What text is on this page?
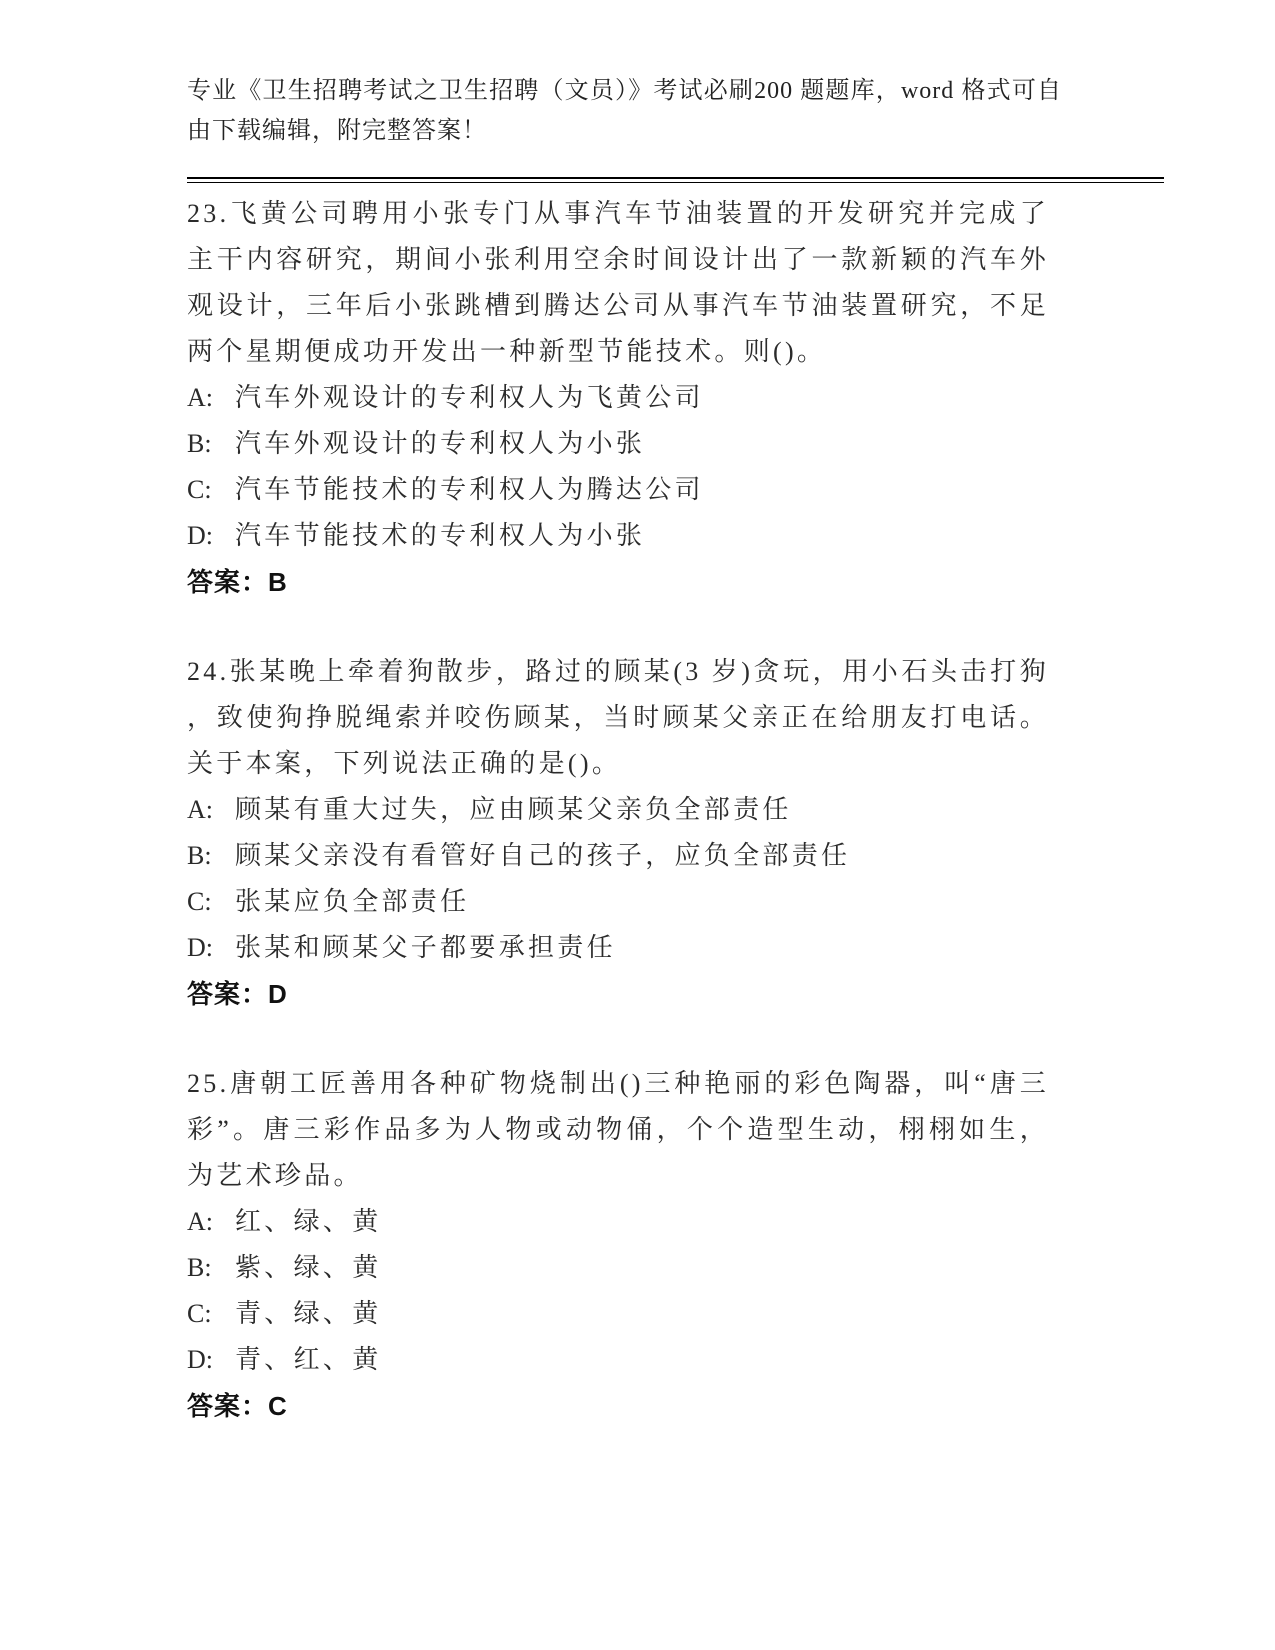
专业《卫生招聘考试之卫生招聘（文员）》考试必刷200 题题库，word 格式可自由下载编辑，附完整答案！

23.飞黄公司聘用小张专门从事汽车节油装置的开发研究并完成了主干内容研究，期间小张利用空余时间设计出了一款新颖的汽车外观设计，三年后小张跳槽到腾达公司从事汽车节油装置研究，不足两个星期便成功开发出一种新型节能技术。则()。

A: 汽车外观设计的专利权人为飞黄公司

B: 汽车外观设计的专利权人为小张

C: 汽车节能技术的专利权人为腾达公司

D: 汽车节能技术的专利权人为小张

答案：B

24.张某晚上牵着狗散步，路过的顾某(3 岁)贪玩，用小石头击打狗，致使狗挣脱绳索并咬伤顾某，当时顾某父亲正在给朋友打电话。关于本案，下列说法正确的是()。

A: 顾某有重大过失，应由顾某父亲负全部责任

B: 顾某父亲没有看管好自己的孩子，应负全部责任

C: 张某应负全部责任

D: 张某和顾某父子都要承担责任

答案：D

25.唐朝工匠善用各种矿物烧制出()三种艳丽的彩色陶器，叫“唐三彩”。唐三彩作品多为人物或动物俑，个个造型生动，栩栩如生，为艺术珍品。

A: 红、绿、黄

B: 紫、绿、黄

C: 青、绿、黄

D: 青、红、黄

答案：C
